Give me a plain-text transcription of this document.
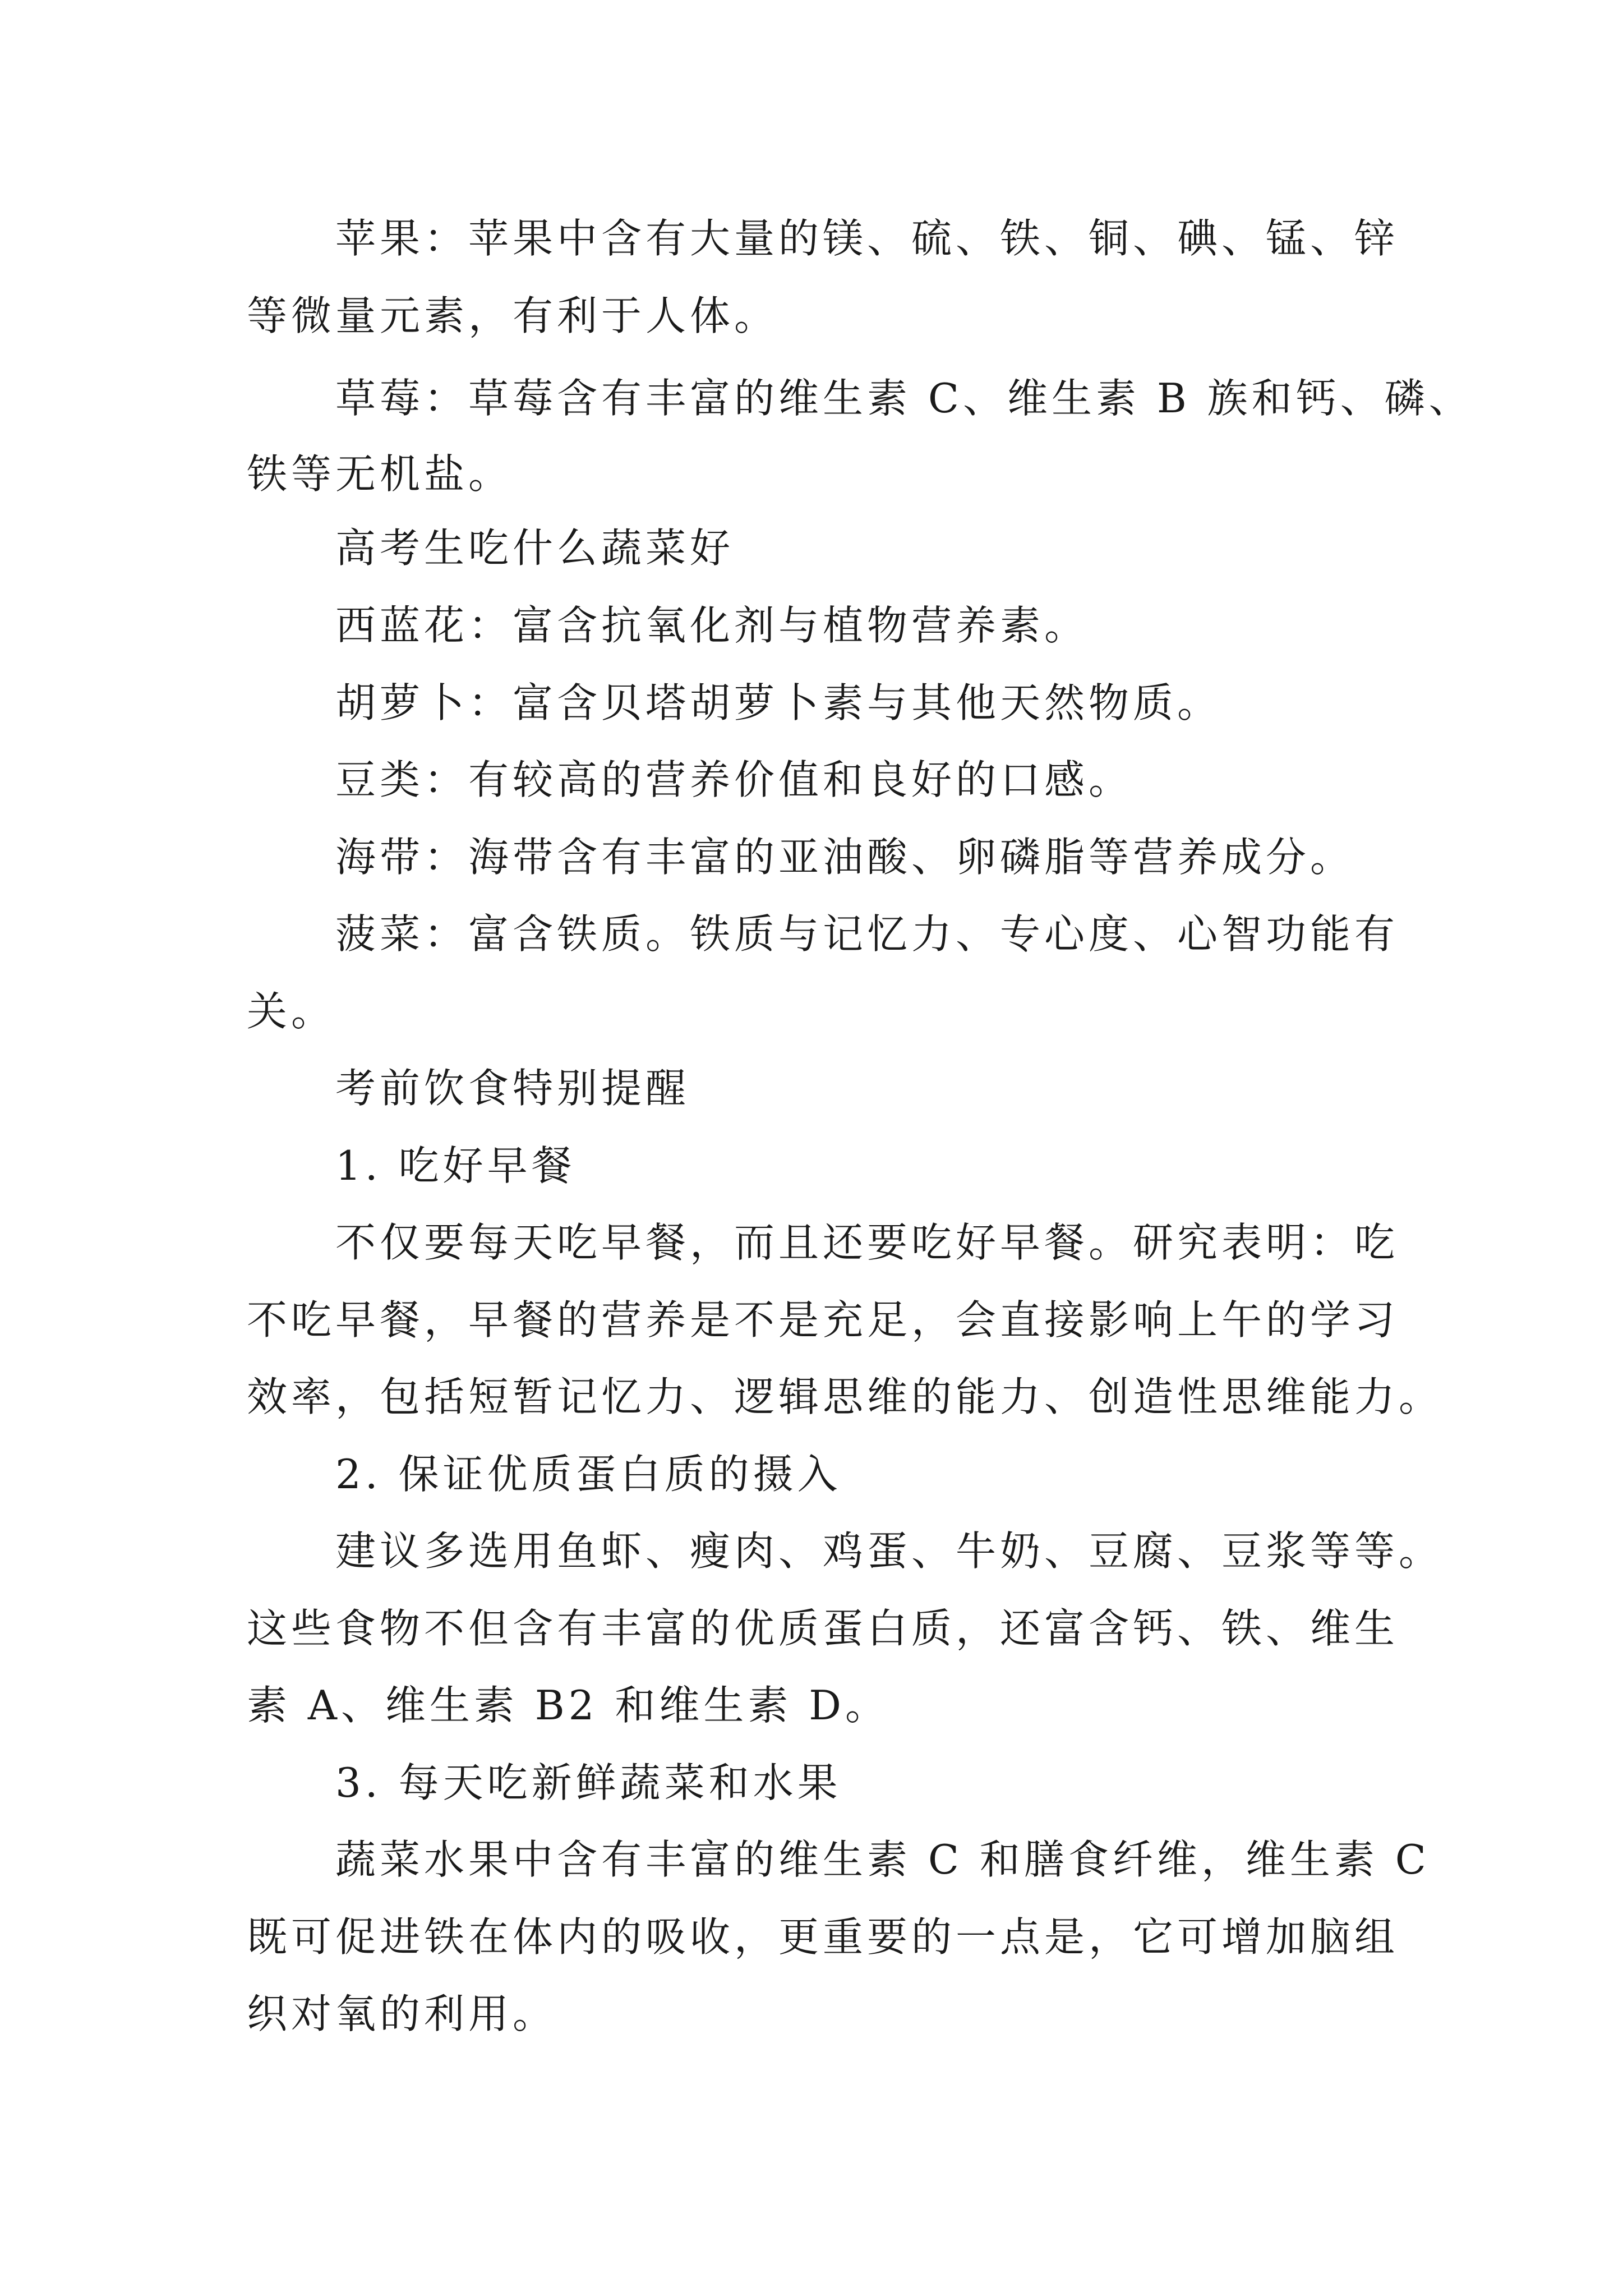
苹果：苹果中含有大量的镁、硫、铁、铜、碘、锰、锌

等微量元素，有利于人体。

草莓：草莓含有丰富的维生素 C、维生素 B 族和钙、磷、

铁等无机盐。

高考生吃什么蔬菜好

西蓝花：富含抗氧化剂与植物营养素。

胡萝卜：富含贝塔胡萝卜素与其他天然物质。

豆类：有较高的营养价值和良好的口感。

海带：海带含有丰富的亚油酸、卵磷脂等营养成分。

菠菜：富含铁质。铁质与记忆力、专心度、心智功能有

关。

考前饮食特别提醒

1. 吃好早餐

不仅要每天吃早餐，而且还要吃好早餐。研究表明：吃

不吃早餐，早餐的营养是不是充足，会直接影响上午的学习

效率，包括短暂记忆力、逻辑思维的能力、创造性思维能力。

2. 保证优质蛋白质的摄入

建议多选用鱼虾、瘦肉、鸡蛋、牛奶、豆腐、豆浆等等。

这些食物不但含有丰富的优质蛋白质，还富含钙、铁、维生

素 A、维生素 B2 和维生素 D。

3. 每天吃新鲜蔬菜和水果

蔬菜水果中含有丰富的维生素 C 和膳食纤维，维生素 C

既可促进铁在体内的吸收，更重要的一点是，它可增加脑组

织对氧的利用。
